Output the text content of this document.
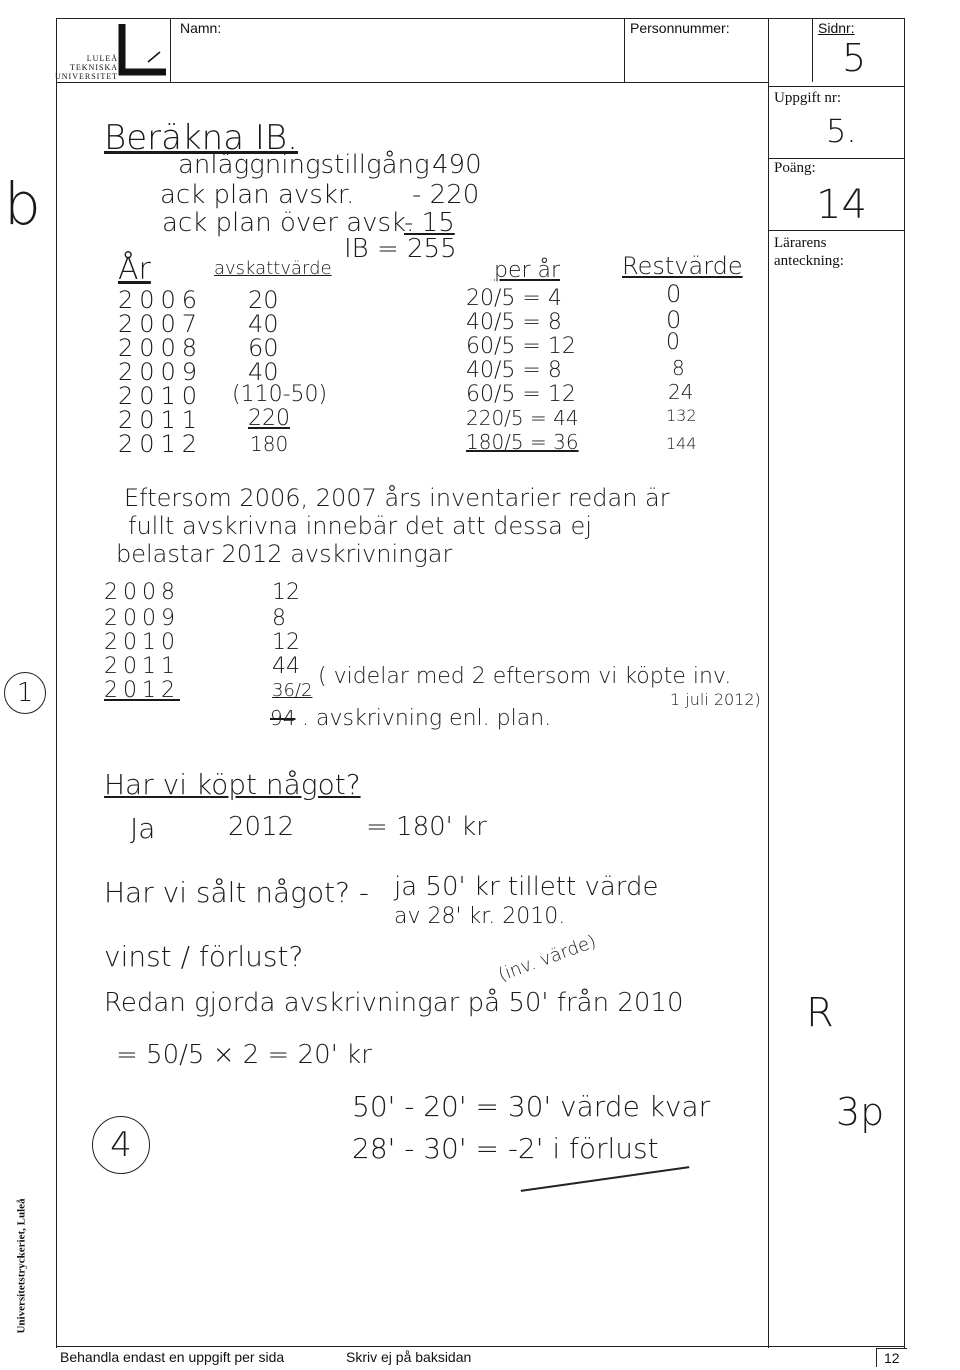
LULEÅ
TEKNISKA
UNIVERSITET
Namn:	Personnummer:	Sidnr:
5
Uppgift nr:
5.
Poäng:
14
Lärarens anteckning:
R
3p
b
1
4
Universitetstryckeriet, Luleå
Behandla endast en uppgift per sida	Skriv ej på baksidan	12
Beräkna IB.
anläggningstillgång 490
ack plan avskr. - 220
ack plan över avsk.
- 15
IB = 255
År	avskattvärde	per år	Restvärde
2006 20	20/5 = 4	0
2007 40	40/5 = 8	0
2008 60	60/5 = 12	0
2009 40	40/5 = 8	8
2010 (110-50)	60/5 = 12	24
2011 220	220/5 = 44	132
2012 180	180/5 = 36	144
Eftersom 2006, 2007 års inventarier redan är
fullt avskrivna innebär det att dessa ej
belastar 2012 avskrivningar
2008	12
2009	8
2010	12
2011	44
2012	36/2
( videlar med 2 eftersom vi köpte inv.
1 juli 2012)
94 . avskrivning enl. plan.
Har vi köpt något?
Ja	2012	= 180' kr
Har vi sålt något? - ja 50' kr tillett värde
av 28' kr. 2010.
vinst / förlust?	(inv. värde)
Redan gjorda avskrivningar på 50' från 2010
= 50/5 × 2 = 20' kr
50' - 20' = 30' värde kvar
28' - 30' = -2' i förlust
